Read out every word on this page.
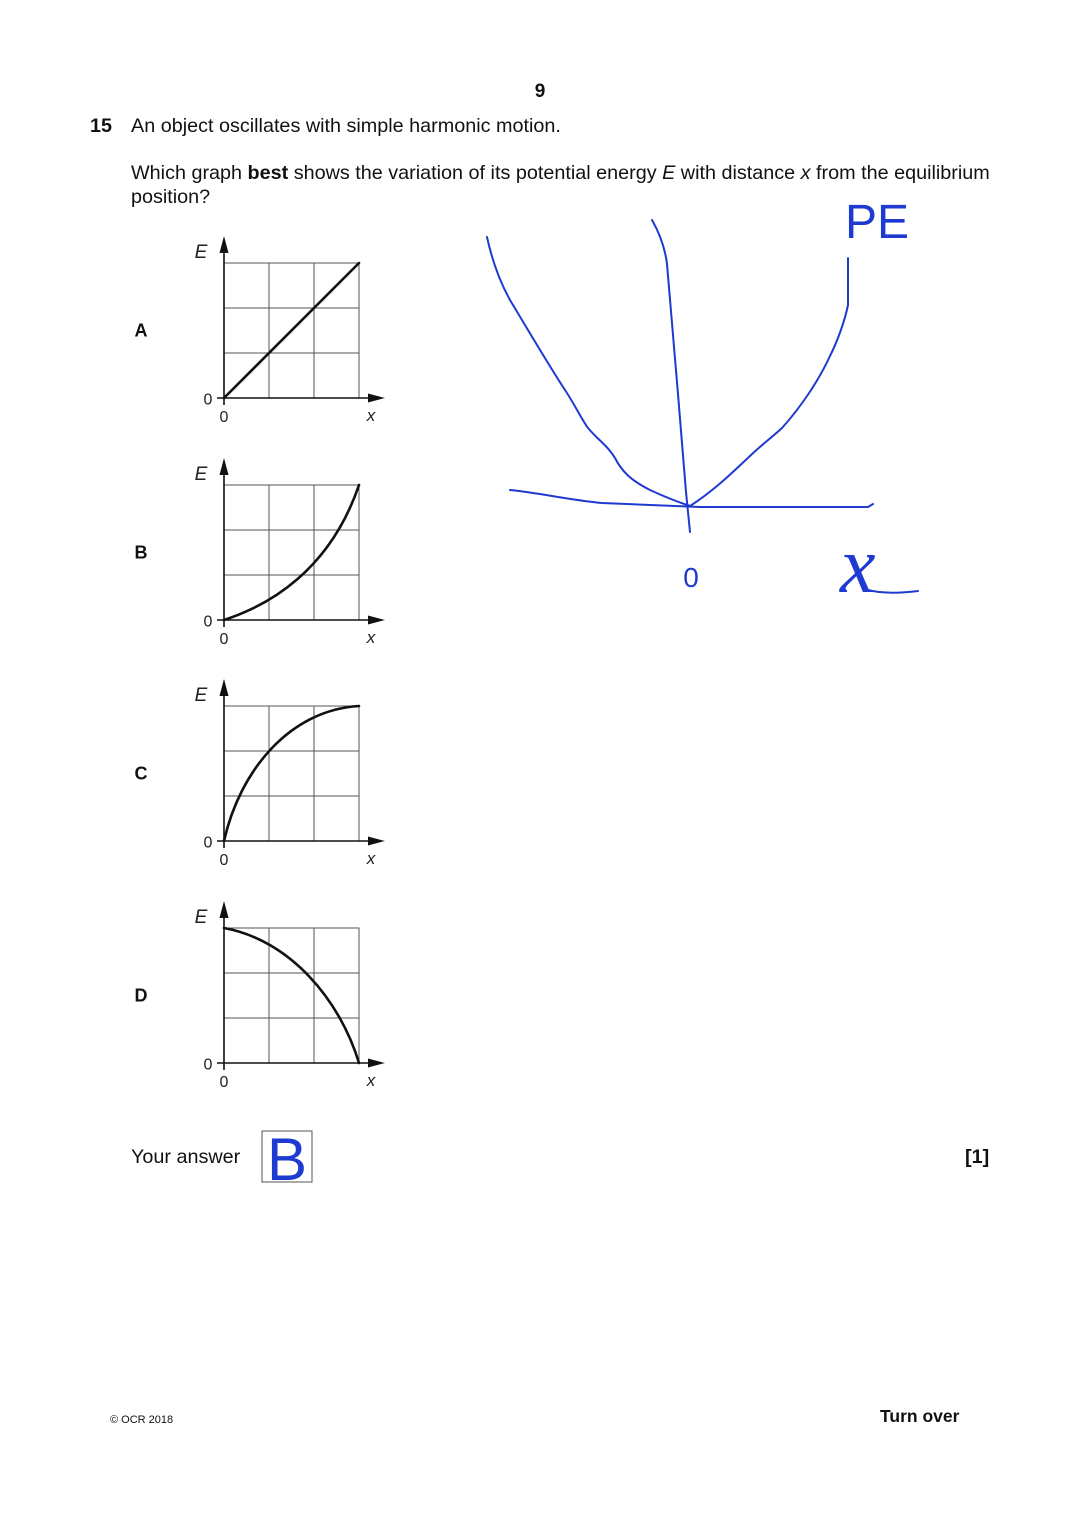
A
E
0
0	x
B
E
0
0	x
C
E
0
0	x
D
E
0
0	x
PE
0 x
B
9
15 An object oscillates with simple harmonic motion.
Which graph best shows the variation of its potential energy E with distance x from the equilibrium position?
Your answer	[1]
© OCR 2018	Turn over
